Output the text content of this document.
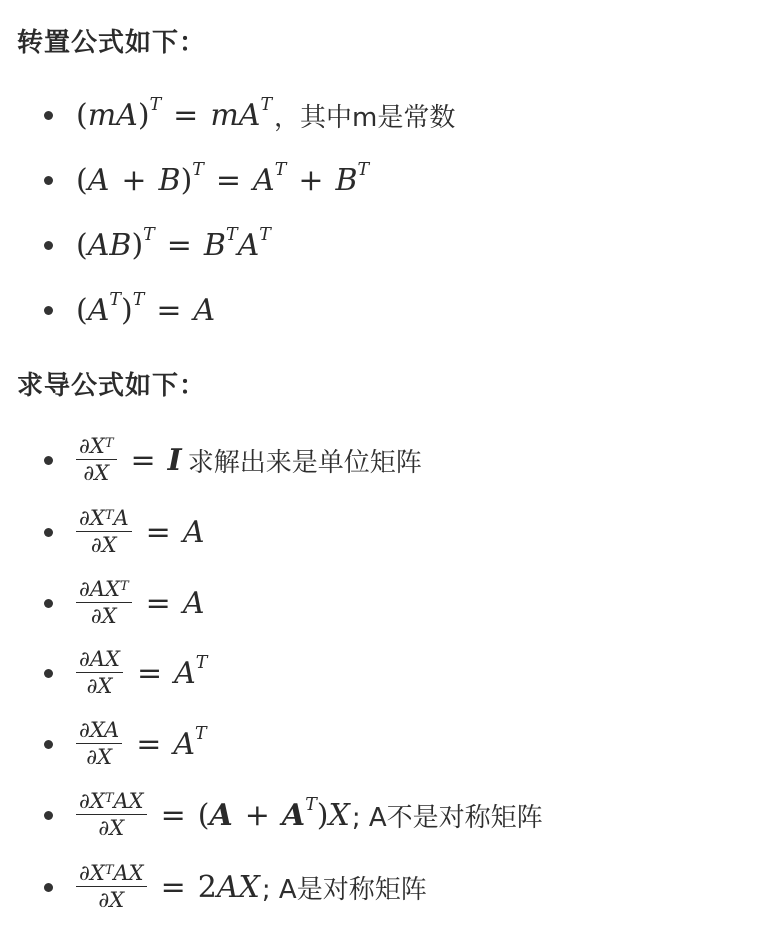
转置公式如下：
( mA ) T = mA T ，其中m是常数
( A + B ) T = A T + B T
( AB ) T = B T A T
( A T ) T = A
求导公式如下：
$\frac{\partial X^T}{\partial X} = I$ 求解出来是单位矩阵
$\frac{\partial X^TA}{\partial X} = A$
$\frac{\partial AX^T}{\partial X} = A$
$\frac{\partial AX}{\partial X} = A$ T
$\frac{\partial XA}{\partial X} = A$ T
$\frac{\partial X^TAX}{\partial X}$ = ( A + A T ) X ; A不是对称矩阵
$\frac{\partial X^TAX}{\partial X} = 2$ AX ; A是对称矩阵
